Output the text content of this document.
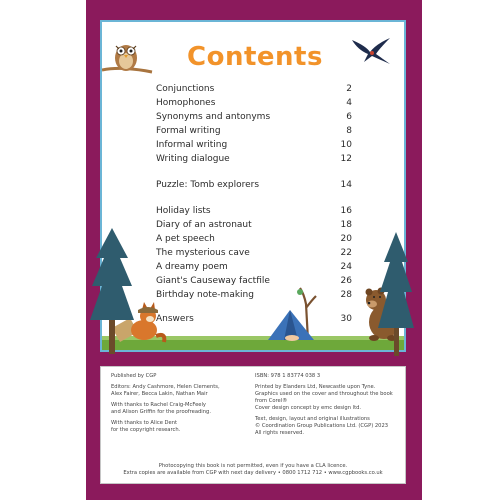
Contents
Conjunctions	2
Homophones	4
Synonyms and antonyms	6
Formal writing	8
Informal writing	10
Writing dialogue	12
Puzzle: Tomb explorers	14
Holiday lists	16
Diary of an astronaut	18
A pet speech	20
The mysterious cave	22
A dreamy poem	24
Giant's Causeway factfile	26
Birthday note-making	28
Answers	30
Published by CGP
Editors: Andy Cashmore, Helen Clements,
Alex Fairer, Becca Lakin, Nathan Mair
With thanks to Rachel Craig-McFeely
and Alison Griffin for the proofreading.
With thanks to Alice Dent
for the copyright research.
ISBN: 978 1 83774 038 3
Printed by Elanders Ltd, Newcastle upon Tyne.
Graphics used on the cover and throughout the book
from Corel®
Cover design concept by emc design ltd.
Text, design, layout and original illustrations
© Coordination Group Publications Ltd. (CGP) 2023
All rights reserved.
Photocopying this book is not permitted, even if you have a CLA licence.
Extra copies are available from CGP with next day delivery • 0800 1712 712 • www.cgpbooks.co.uk
